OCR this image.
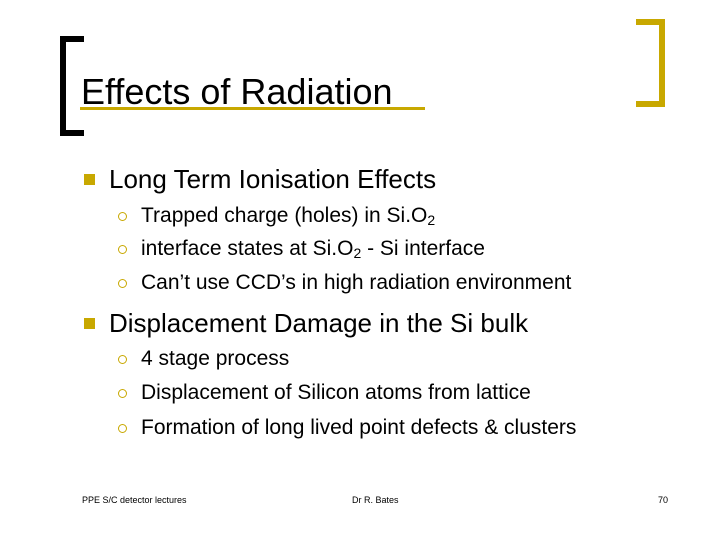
Effects of Radiation
Long Term Ionisation Effects
Trapped charge (holes) in $Si.O_2$
interface states at $Si.O_2$ - Si interface
Can’t use CCD’s in high radiation environment
Displacement Damage in the Si bulk
4 stage process
Displacement of Silicon atoms from lattice
Formation of long lived point defects & clusters
PPE S/C detector lectures	Dr R. Bates	70
